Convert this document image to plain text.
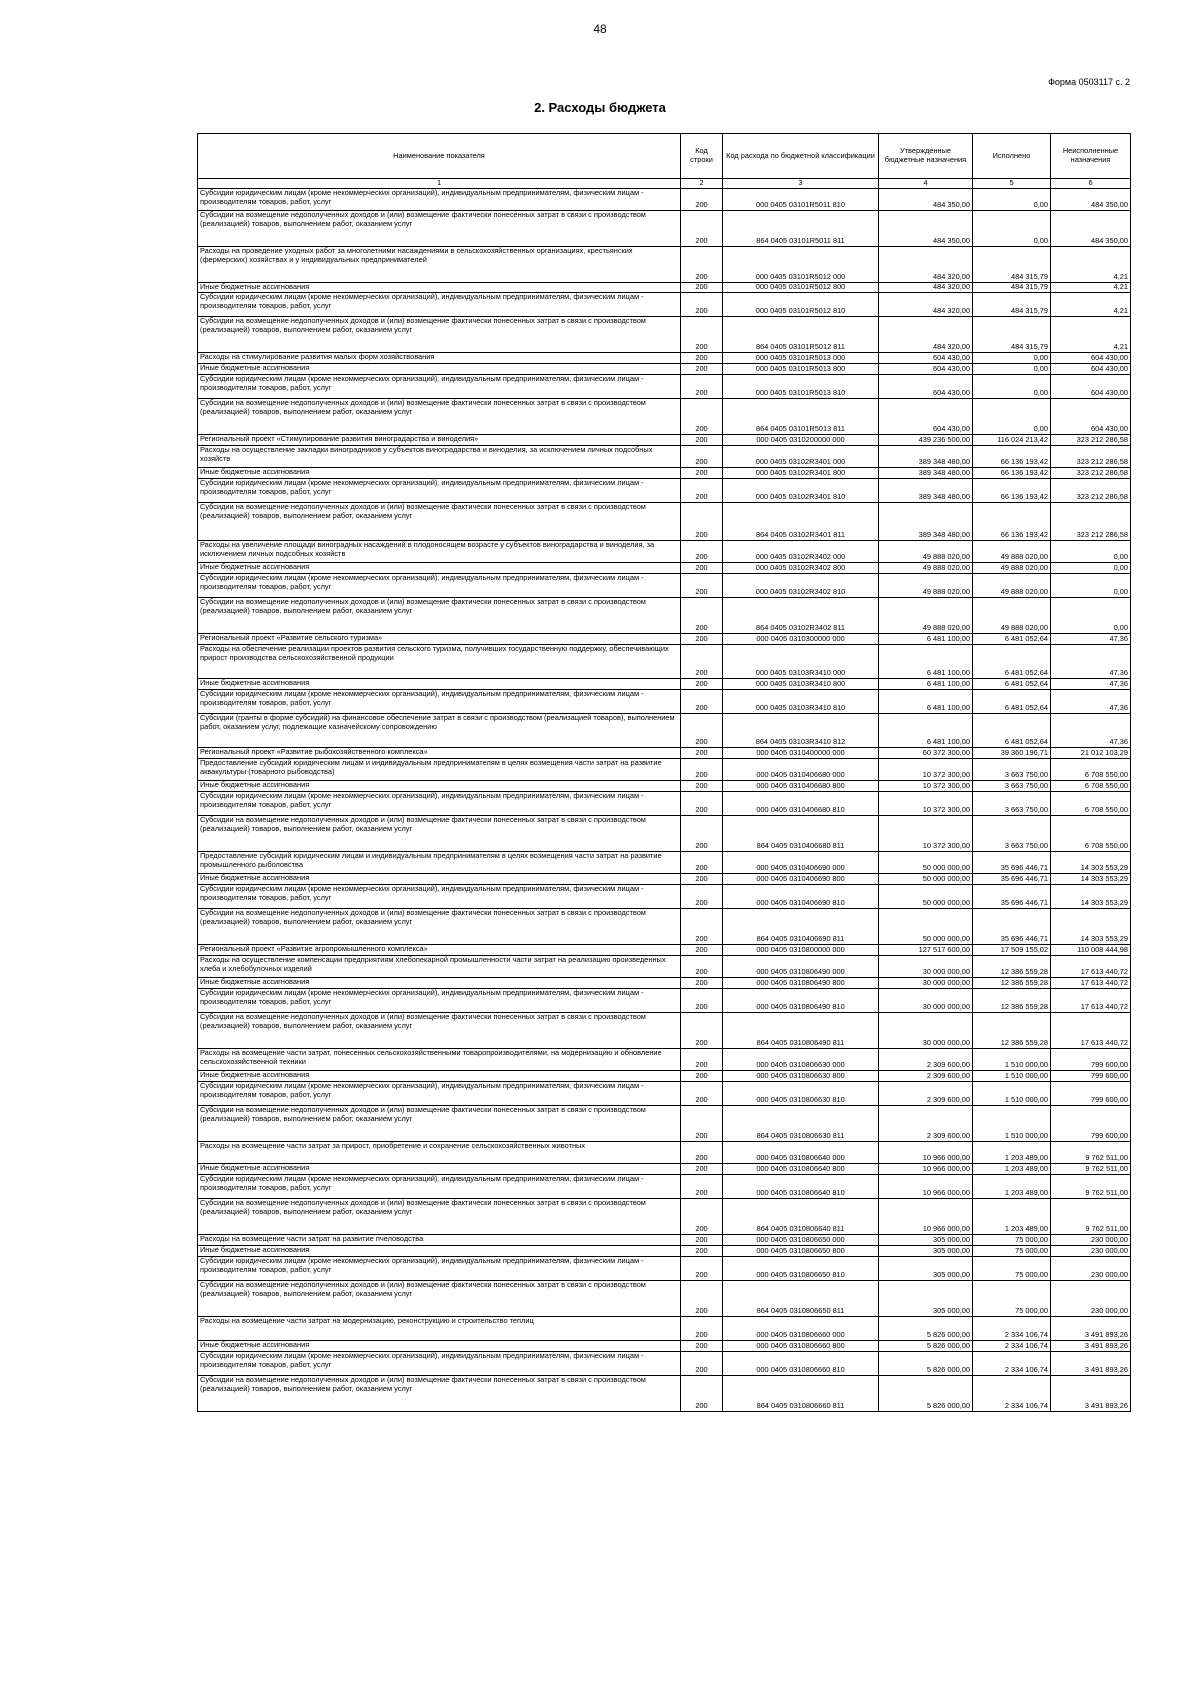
48
Форма 0503117 с. 2
2. Расходы бюджета
Наименование показателя	Код строки	Код расхода по бюджетной классификации	Утвержденные бюджетные назначения	Исполнено	Неисполненные назначения
1	2	3	4	5	6
Субсидии юридическим лицам (кроме некоммерческих организаций), индивидуальным предпринимателям, физическим лицам - производителям товаров, работ, услуг	200	000 0405 03101R5011 810	484 350,00	0,00	484 350,00
Субсидии на возмещение недополученных доходов и (или) возмещение фактически понесенных затрат в связи с производством (реализацией) товаров, выполнением работ, оказанием услуг	200	864 0405 03101R5011 811	484 350,00	0,00	484 350,00
Расходы на проведение уходных работ за многолетними насаждениями в сельскохозяйственных организациях, крестьянских (фермерских) хозяйствах и у индивидуальных предпринимателей	200	000 0405 03101R5012 000	484 320,00	484 315,79	4,21
Иные бюджетные ассигнования	200	000 0405 03101R5012 800	484 320,00	484 315,79	4,21
Субсидии юридическим лицам (кроме некоммерческих организаций), индивидуальным предпринимателям, физическим лицам - производителям товаров, работ, услуг	200	000 0405 03101R5012 810	484 320,00	484 315,79	4,21
Субсидии на возмещение недополученных доходов и (или) возмещение фактически понесенных затрат в связи с производством (реализацией) товаров, выполнением работ, оказанием услуг	200	864 0405 03101R5012 811	484 320,00	484 315,79	4,21
Расходы на стимулирование развития малых форм хозяйствования	200	000 0405 03101R5013 000	604 430,00	0,00	604 430,00
Иные бюджетные ассигнования	200	000 0405 03101R5013 800	604 430,00	0,00	604 430,00
Субсидии юридическим лицам (кроме некоммерческих организаций), индивидуальным предпринимателям, физическим лицам - производителям товаров, работ, услуг	200	000 0405 03101R5013 810	604 430,00	0,00	604 430,00
Субсидии на возмещение недополученных доходов и (или) возмещение фактически понесенных затрат в связи с производством (реализацией) товаров, выполнением работ, оказанием услуг	200	864 0405 03101R5013 811	604 430,00	0,00	604 430,00
Региональный проект «Стимулирование развития виноградарства и виноделия»	200	000 0405 0310200000 000	439 236 500,00	116 024 213,42	323 212 286,58
Расходы на осуществление закладки виноградников у субъектов виноградарства и виноделия, за исключением личных подсобных хозяйств	200	000 0405 03102R3401 000	389 348 480,00	66 136 193,42	323 212 286,58
Иные бюджетные ассигнования	200	000 0405 03102R3401 800	389 348 480,00	66 136 193,42	323 212 286,58
Субсидии юридическим лицам (кроме некоммерческих организаций), индивидуальным предпринимателям, физическим лицам - производителям товаров, работ, услуг	200	000 0405 03102R3401 810	389 348 480,00	66 136 193,42	323 212 286,58
Субсидии на возмещение недополученных доходов и (или) возмещение фактически понесенных затрат в связи с производством (реализацией) товаров, выполнением работ, оказанием услуг	200	864 0405 03102R3401 811	389 348 480,00	66 136 193,42	323 212 286,58
Расходы на увеличение площади виноградных насаждений в плодоносящем возрасте у субъектов виноградарства и виноделия, за исключением личных подсобных хозяйств	200	000 0405 03102R3402 000	49 888 020,00	49 888 020,00	0,00
Иные бюджетные ассигнования	200	000 0405 03102R3402 800	49 888 020,00	49 888 020,00	0,00
Субсидии юридическим лицам (кроме некоммерческих организаций), индивидуальным предпринимателям, физическим лицам - производителям товаров, работ, услуг	200	000 0405 03102R3402 810	49 888 020,00	49 888 020,00	0,00
Субсидии на возмещение недополученных доходов и (или) возмещение фактически понесенных затрат в связи с производством (реализацией) товаров, выполнением работ, оказанием услуг	200	864 0405 03102R3402 811	49 888 020,00	49 888 020,00	0,00
Региональный проект «Развитие сельского туризма»	200	000 0405 0310300000 000	6 481 100,00	6 481 052,64	47,36
Расходы на обеспечение реализации проектов развития сельского туризма, получивших государственную поддержку, обеспечивающих прирост производства сельскохозяйственной продукции	200	000 0405 03103R3410 000	6 481 100,00	6 481 052,64	47,36
Иные бюджетные ассигнования	200	000 0405 03103R3410 800	6 481 100,00	6 481 052,64	47,36
Субсидии юридическим лицам (кроме некоммерческих организаций), индивидуальным предпринимателям, физическим лицам - производителям товаров, работ, услуг	200	000 0405 03103R3410 810	6 481 100,00	6 481 052,64	47,36
Субсидии (гранты в форме субсидий) на финансовое обеспечение затрат в связи с производством (реализацией товаров), выполнением работ, оказанием услуг, подлежащие казначейскому сопровождению	200	864 0405 03103R3410 812	6 481 100,00	6 481 052,64	47,36
Региональный проект «Развитие рыбохозяйственного комплекса»	200	000 0405 0310400000 000	60 372 300,00	39 360 196,71	21 012 103,29
Предоставление субсидий юридическим лицам и индивидуальным предпринимателям в целях возмещения части затрат на развитие аквакультуры (товарного рыбоводства)	200	000 0405 0310406680 000	10 372 300,00	3 663 750,00	6 708 550,00
Иные бюджетные ассигнования	200	000 0405 0310406680 800	10 372 300,00	3 663 750,00	6 708 550,00
Субсидии юридическим лицам (кроме некоммерческих организаций), индивидуальным предпринимателям, физическим лицам - производителям товаров, работ, услуг	200	000 0405 0310406680 810	10 372 300,00	3 663 750,00	6 708 550,00
Субсидии на возмещение недополученных доходов и (или) возмещение фактически понесенных затрат в связи с производством (реализацией) товаров, выполнением работ, оказанием услуг	200	864 0405 0310406680 811	10 372 300,00	3 663 750,00	6 708 550,00
Предоставление субсидий юридическим лицам и индивидуальным предпринимателям в целях возмещения части затрат на развитие промышленного рыболовства	200	000 0405 0310406690 000	50 000 000,00	35 696 446,71	14 303 553,29
Иные бюджетные ассигнования	200	000 0405 0310406690 800	50 000 000,00	35 696 446,71	14 303 553,29
Субсидии юридическим лицам (кроме некоммерческих организаций), индивидуальным предпринимателям, физическим лицам - производителям товаров, работ, услуг	200	000 0405 0310406690 810	50 000 000,00	35 696 446,71	14 303 553,29
Субсидии на возмещение недополученных доходов и (или) возмещение фактически понесенных затрат в связи с производством (реализацией) товаров, выполнением работ, оказанием услуг	200	864 0405 0310406690 811	50 000 000,00	35 696 446,71	14 303 553,29
Региональный проект «Развитие агропромышленного комплекса»	200	000 0405 0310800000 000	127 517 600,00	17 509 155,02	110 008 444,98
Расходы на осуществление компенсации предприятиям хлебопекарной промышленности части затрат на реализацию произведенных хлеба и хлебобулочных изделий	200	000 0405 0310806490 000	30 000 000,00	12 386 559,28	17 613 440,72
Иные бюджетные ассигнования	200	000 0405 0310806490 800	30 000 000,00	12 386 559,28	17 613 440,72
Субсидии юридическим лицам (кроме некоммерческих организаций), индивидуальным предпринимателям, физическим лицам - производителям товаров, работ, услуг	200	000 0405 0310806490 810	30 000 000,00	12 386 559,28	17 613 440,72
Субсидии на возмещение недополученных доходов и (или) возмещение фактически понесенных затрат в связи с производством (реализацией) товаров, выполнением работ, оказанием услуг	200	864 0405 0310806490 811	30 000 000,00	12 386 559,28	17 613 440,72
Расходы на возмещение части затрат, понесенных сельскохозяйственными товаропроизводителями, на модернизацию и обновление сельскохозяйственной техники	200	000 0405 0310806630 000	2 309 600,00	1 510 000,00	799 600,00
Иные бюджетные ассигнования	200	000 0405 0310806630 800	2 309 600,00	1 510 000,00	799 600,00
Субсидии юридическим лицам (кроме некоммерческих организаций), индивидуальным предпринимателям, физическим лицам - производителям товаров, работ, услуг	200	000 0405 0310806630 810	2 309 600,00	1 510 000,00	799 600,00
Субсидии на возмещение недополученных доходов и (или) возмещение фактически понесенных затрат в связи с производством (реализацией) товаров, выполнением работ, оказанием услуг	200	864 0405 0310806630 811	2 309 600,00	1 510 000,00	799 600,00
Расходы на возмещение части затрат за прирост, приобретение и сохранение сельскохозяйственных животных	200	000 0405 0310806640 000	10 966 000,00	1 203 489,00	9 762 511,00
Иные бюджетные ассигнования	200	000 0405 0310806640 800	10 966 000,00	1 203 489,00	9 762 511,00
Субсидии юридическим лицам (кроме некоммерческих организаций), индивидуальным предпринимателям, физическим лицам - производителям товаров, работ, услуг	200	000 0405 0310806640 810	10 966 000,00	1 203 489,00	9 762 511,00
Субсидии на возмещение недополученных доходов и (или) возмещение фактически понесенных затрат в связи с производством (реализацией) товаров, выполнением работ, оказанием услуг	200	864 0405 0310806640 811	10 966 000,00	1 203 489,00	9 762 511,00
Расходы на возмещение части затрат на развитие пчеловодства	200	000 0405 0310806650 000	305 000,00	75 000,00	230 000,00
Иные бюджетные ассигнования	200	000 0405 0310806650 800	305 000,00	75 000,00	230 000,00
Субсидии юридическим лицам (кроме некоммерческих организаций), индивидуальным предпринимателям, физическим лицам - производителям товаров, работ, услуг	200	000 0405 0310806650 810	305 000,00	75 000,00	230 000,00
Субсидии на возмещение недополученных доходов и (или) возмещение фактически понесенных затрат в связи с производством (реализацией) товаров, выполнением работ, оказанием услуг	200	864 0405 0310806650 811	305 000,00	75 000,00	230 000,00
Расходы на возмещение части затрат на модернизацию, реконструкцию и строительство теплиц	200	000 0405 0310806660 000	5 826 000,00	2 334 106,74	3 491 893,26
Иные бюджетные ассигнования	200	000 0405 0310806660 800	5 826 000,00	2 334 106,74	3 491 893,26
Субсидии юридическим лицам (кроме некоммерческих организаций), индивидуальным предпринимателям, физическим лицам - производителям товаров, работ, услуг	200	000 0405 0310806660 810	5 826 000,00	2 334 106,74	3 491 893,26
Субсидии на возмещение недополученных доходов и (или) возмещение фактически понесенных затрат в связи с производством (реализацией) товаров, выполнением работ, оказанием услуг	200	864 0405 0310806660 811	5 826 000,00	2 334 106,74	3 491 893,26
